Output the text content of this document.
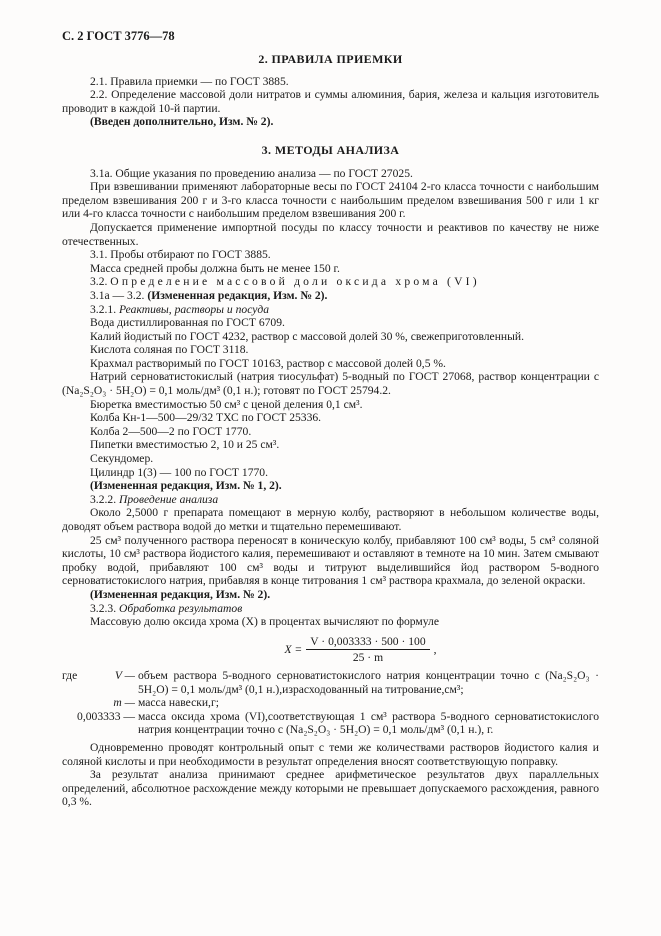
С. 2 ГОСТ 3776—78

2. ПРАВИЛА ПРИЕМКИ

2.1. Правила приемки — по ГОСТ 3885.

2.2. Определение массовой доли нитратов и суммы алюминия, бария, железа и кальция изготовитель проводит в каждой 10-й партии.

(Введен дополнительно, Изм. № 2).

3. МЕТОДЫ АНАЛИЗА

3.1а. Общие указания по проведению анализа — по ГОСТ 27025.

При взвешивании применяют лабораторные весы по ГОСТ 24104 2-го класса точности с наибольшим пределом взвешивания 200 г и 3-го класса точности с наибольшим пределом взвешивания 500 г или 1 кг или 4-го класса точности с наибольшим пределом взвешивания 200 г.

Допускается применение импортной посуды по классу точности и реактивов по качеству не ниже отечественных.

3.1. Пробы отбирают по ГОСТ 3885.

Масса средней пробы должна быть не менее 150 г.

3.2. Определение массовой доли оксида хрома (VI)

3.1а — 3.2. (Измененная редакция, Изм. № 2).

3.2.1. Реактивы, растворы и посуда

Вода дистиллированная по ГОСТ 6709.

Калий йодистый по ГОСТ 4232, раствор с массовой долей 30 %, свежеприготовленный.

Кислота соляная по ГОСТ 3118.

Крахмал растворимый по ГОСТ 10163, раствор с массовой долей 0,5 %.

Натрий серноватистокислый (натрия тиосульфат) 5-водный по ГОСТ 27068, раствор концентрации c (Na₂S₂O₃ · 5H₂O) = 0,1 моль/дм³ (0,1 н.); готовят по ГОСТ 25794.2.

Бюретка вместимостью 50 см³ с ценой деления 0,1 см³.

Колба Кн-1—500—29/32 ТХС по ГОСТ 25336.

Колба 2—500—2 по ГОСТ 1770.

Пипетки вместимостью 2, 10 и 25 см³.

Секундомер.

Цилиндр 1(3) — 100 по ГОСТ 1770.

(Измененная редакция, Изм. № 1, 2).

3.2.2. Проведение анализа

Около 2,5000 г препарата помещают в мерную колбу, растворяют в небольшом количестве воды, доводят объем раствора водой до метки и тщательно перемешивают.

25 см³ полученного раствора переносят в коническую колбу, прибавляют 100 см³ воды, 5 см³ соляной кислоты, 10 см³ раствора йодистого калия, перемешивают и оставляют в темноте на 10 мин. Затем смывают пробку водой, прибавляют 100 см³ воды и титруют выделившийся йод раствором 5-водного серноватистокислого натрия, прибавляя в конце титрования 1 см³ раствора крахмала, до зеленой окраски.

(Измененная редакция, Изм. № 2).

3.2.3. Обработка результатов

Массовую долю оксида хрома (X) в процентах вычисляют по формуле

$X = \frac{V \cdot 0,003333 \cdot 500 \cdot 100}{25 \cdot m}$ ,
где	V — объем раствора 5-водного серноватистокислого натрия концентрации точно c (Na₂S₂O₃ · 5H₂O) = 0,1 моль/дм³ (0,1 н.),израсходованный на титрование,см³;
m — масса навески,г;
0,003333 — масса оксида хрома (VI),соответствующая 1 см³ раствора 5-водного серноватистокислого натрия концентрации точно c (Na₂S₂O₃ · 5H₂O) = 0,1 моль/дм³ (0,1 н.), г.

Одновременно проводят контрольный опыт с теми же количествами растворов йодистого калия и соляной кислоты и при необходимости в результат определения вносят соответствующую поправку.

За результат анализа принимают среднее арифметическое результатов двух параллельных определений, абсолютное расхождение между которыми не превышает допускаемого расхождения, равного 0,3 %.
